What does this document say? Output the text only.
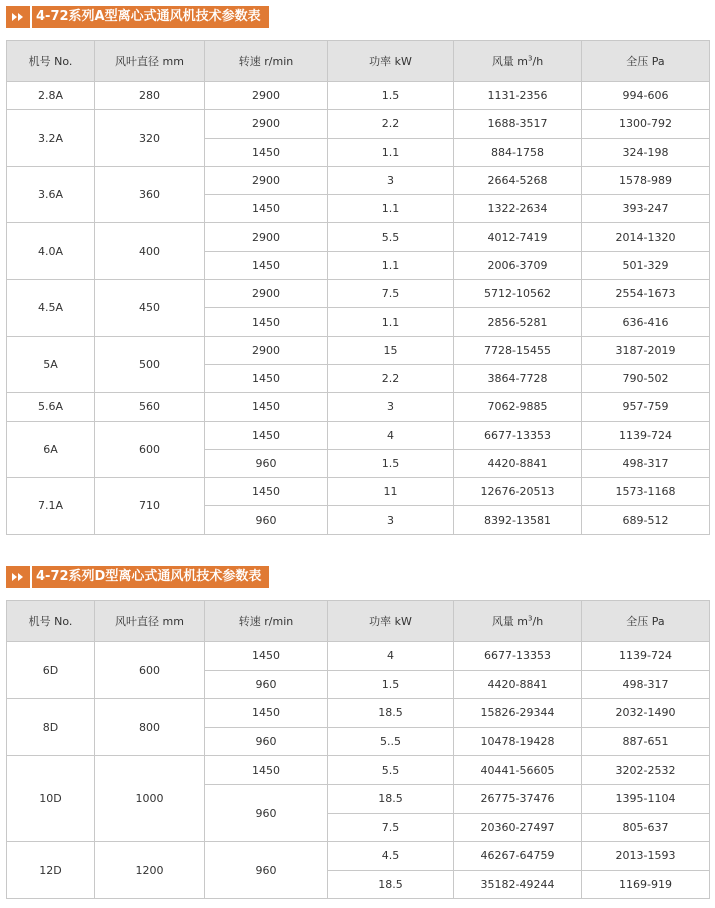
4-72系列A型离心式通风机技术参数表
机号 No.	风叶直径 mm	转速 r/min	功率 kW	风量 $m^3/h$	全压 Pa
2.8A	280	2900	1.5	1131-2356	994-606
3.2A	320	2900	2.2	1688-3517	1300-792
		1450	1.1	884-1758	324-198
3.6A	360	2900	3	2664-5268	1578-989
		1450	1.1	1322-2634	393-247
4.0A	400	2900	5.5	4012-7419	2014-1320
		1450	1.1	2006-3709	501-329
4.5A	450	2900	7.5	5712-10562	2554-1673
		1450	1.1	2856-5281	636-416
5A	500	2900	15	7728-15455	3187-2019
		1450	2.2	3864-7728	790-502
5.6A	560	1450	3	7062-9885	957-759
6A	600	1450	4	6677-13353	1139-724
		960	1.5	4420-8841	498-317
7.1A	710	1450	11	12676-20513	1573-1168
		960	3	8392-13581	689-512
4-72系列D型离心式通风机技术参数表
机号 No.	风叶直径 mm	转速 r/min	功率 kW	风量 $m^3/h$	全压 Pa
6D	600	1450	4	6677-13353	1139-724
		960	1.5	4420-8841	498-317
8D	800	1450	18.5	15826-29344	2032-1490
		960	5..5	10478-19428	887-651
10D	1000	1450	5.5	40441-56605	3202-2532
		960	18.5	26775-37476	1395-1104
			7.5	20360-27497	805-637
12D	1200	960	4.5	46267-64759	2013-1593
			18.5	35182-49244	1169-919
